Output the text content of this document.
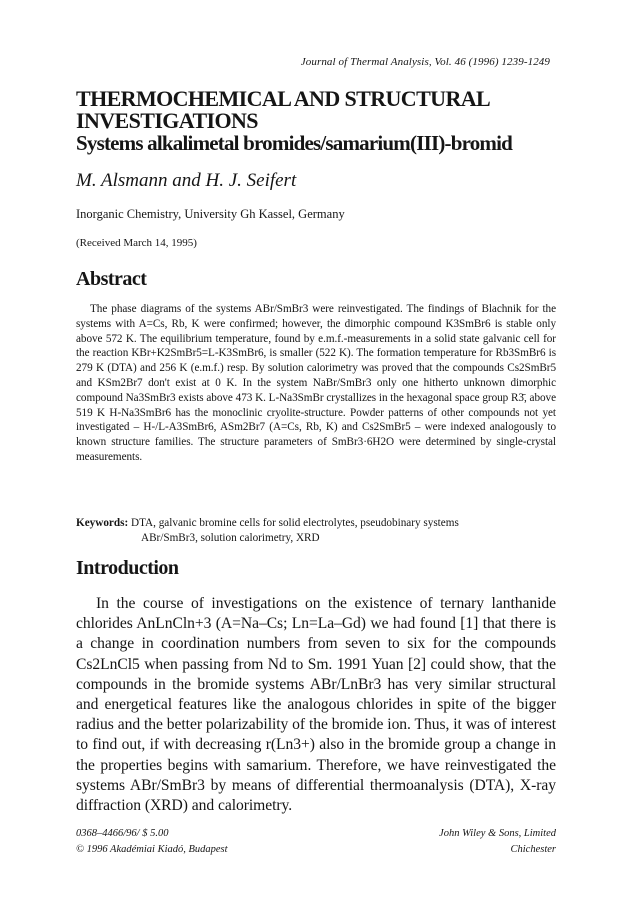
Journal of Thermal Analysis, Vol. 46 (1996) 1239-1249
THERMOCHEMICAL AND STRUCTURAL
INVESTIGATIONS
Systems alkalimetal bromides/samarium(III)-bromid
M. Alsmann and H. J. Seifert
Inorganic Chemistry, University Gh Kassel, Germany
(Received March 14, 1995)
Abstract
The phase diagrams of the systems ABr/SmBr3 were reinvestigated. The findings of Blachnik for the systems with A=Cs, Rb, K were confirmed; however, the dimorphic compound K3SmBr6 is stable only above 572 K. The equilibrium temperature, found by e.m.f.-measurements in a solid state galvanic cell for the reaction KBr+K2SmBr5=L-K3SmBr6, is smaller (522 K). The formation temperature for Rb3SmBr6 is 279 K (DTA) and 256 K (e.m.f.) resp. By solution calorimetry was proved that the compounds Cs2SmBr5 and KSm2Br7 don't exist at 0 K. In the system NaBr/SmBr3 only one hitherto unknown dimorphic compound Na3SmBr3 exists above 473 K. L-Na3SmBr crystallizes in the hexagonal space group R3̄, above 519 K H-Na3SmBr6 has the monoclinic cryolite-structure. Powder patterns of other compounds not yet investigated – H-/L-A3SmBr6, ASm2Br7 (A=Cs, Rb, K) and Cs2SmBr5 – were indexed analogously to known structure families. The structure parameters of SmBr3·6H2O were determined by single-crystal measurements.
Keywords: DTA, galvanic bromine cells for solid electrolytes, pseudobinary systems
ABr/SmBr3, solution calorimetry, XRD
Introduction
In the course of investigations on the existence of ternary lanthanide chlorides AnLnCln+3 (A=Na–Cs; Ln=La–Gd) we had found [1] that there is a change in coordination numbers from seven to six for the compounds Cs2LnCl5 when passing from Nd to Sm. 1991 Yuan [2] could show, that the compounds in the bromide systems ABr/LnBr3 has very similar structural and energetical features like the analogous chlorides in spite of the bigger radius and the better polarizability of the bromide ion. Thus, it was of interest to find out, if with decreasing r(Ln3+) also in the bromide group a change in the properties begins with samarium. Therefore, we have reinvestigated the systems ABr/SmBr3 by means of differential thermoanalysis (DTA), X-ray diffraction (XRD) and calorimetry.
0368–4466/96/ $ 5.00
© 1996 Akadémiai Kiadó, Budapest
John Wiley & Sons, Limited
Chichester
